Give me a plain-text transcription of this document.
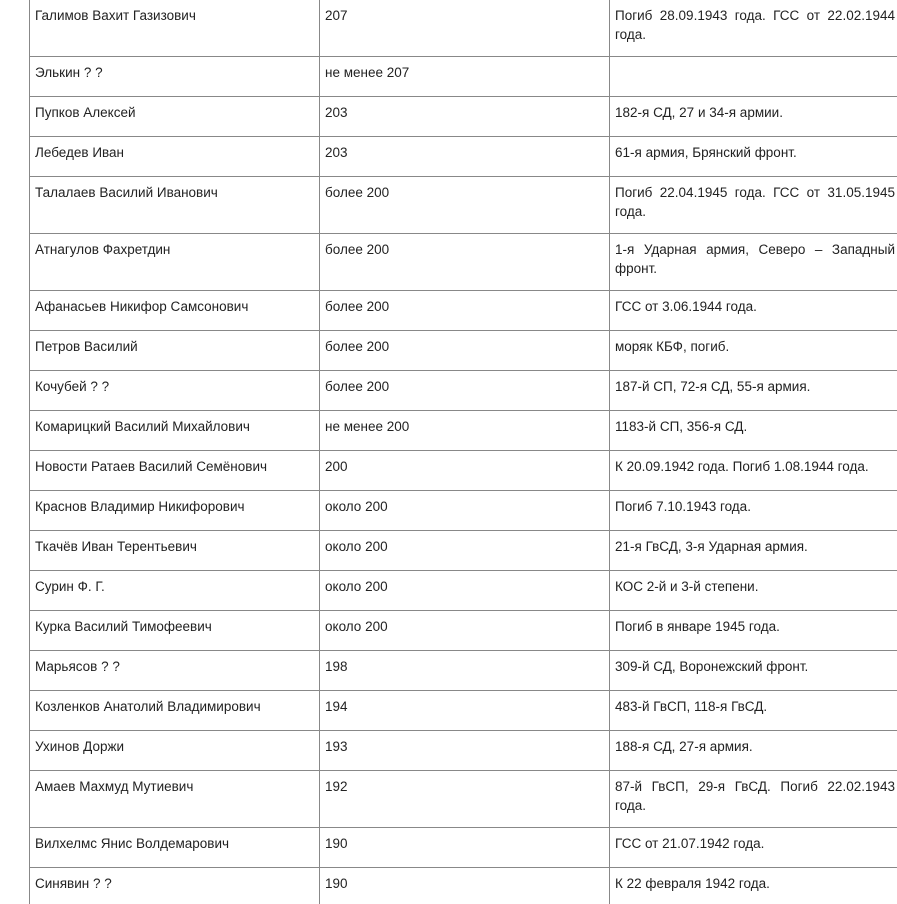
Галимов Вахит Газизович	207	Погиб 28.09.1943 года. ГСС от 22.02.1944 года.
Элькин ? ?	не менее 207	
Пупков Алексей	203	182-я СД, 27 и 34-я армии.
Лебедев Иван	203	61-я армия, Брянский фронт.
Талалаев Василий Иванович	более 200	Погиб 22.04.1945 года. ГСС от 31.05.1945 года.
Атнагулов Фахретдин	более 200	1-я Ударная армия, Северо – Западный фронт.
Афанасьев Никифор Самсонович	более 200	ГСС от 3.06.1944 года.
Петров Василий	более 200	моряк КБФ, погиб.
Кочубей ? ?	более 200	187-й СП, 72-я СД, 55-я армия.
Комарицкий Василий Михайлович	не менее 200	1183-й СП, 356-я СД.
Новости Ратаев Василий Семёнович	200	К 20.09.1942 года. Погиб 1.08.1944 года.
Краснов Владимир Никифорович	около 200	Погиб 7.10.1943 года.
Ткачёв Иван Терентьевич	около 200	21-я ГвСД, 3-я Ударная армия.
Сурин Ф. Г.	около 200	КОС 2-й и 3-й степени.
Курка Василий Тимофеевич	около 200	Погиб в январе 1945 года.
Марьясов ? ?	198	309-й СД, Воронежский фронт.
Козленков Анатолий Владимирович	194	483-й ГвСП, 118-я ГвСД.
Ухинов Доржи	193	188-я СД, 27-я армия.
Амаев Махмуд Мутиевич	192	87-й ГвСП, 29-я ГвСД. Погиб 22.02.1943 года.
Вилхелмс Янис Волдемарович	190	ГСС от 21.07.1942 года.
Синявин ? ?	190	К 22 февраля 1942 года.
